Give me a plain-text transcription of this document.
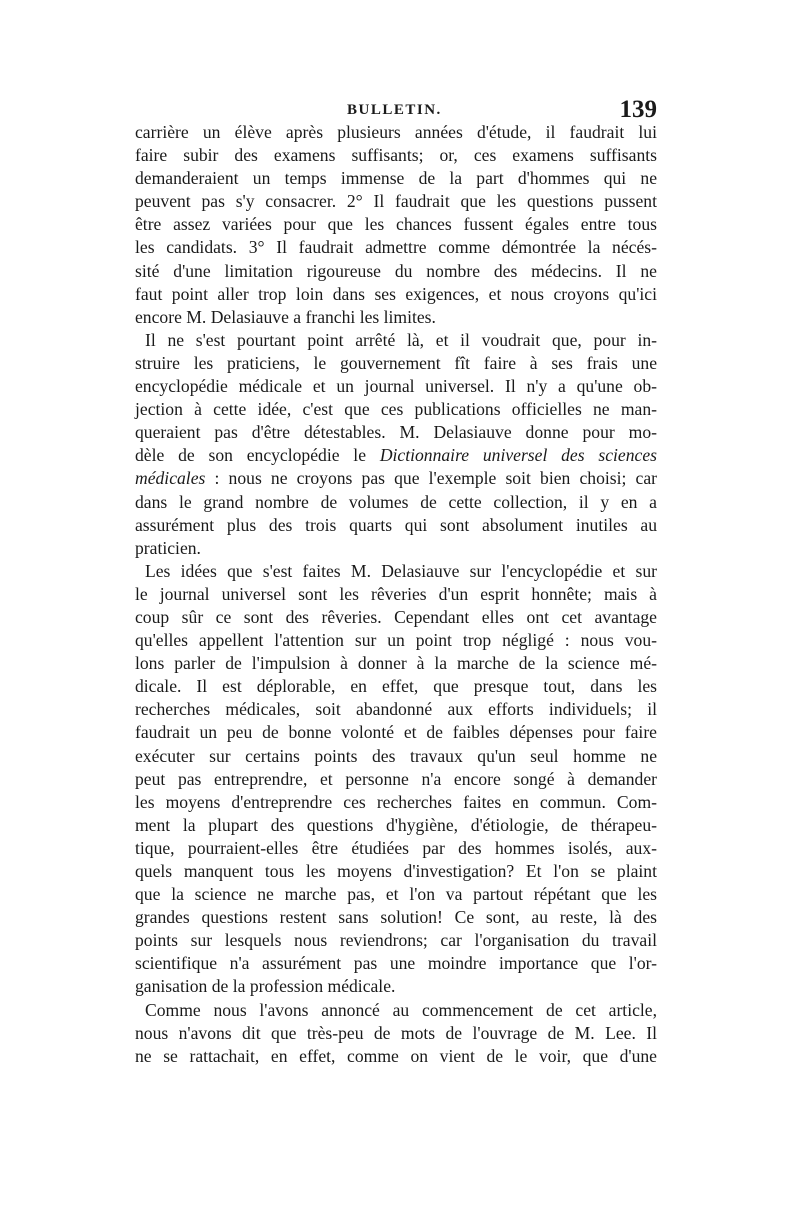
BULLETIN.	139
carrière un élève après plusieurs années d'étude, il faudrait lui
faire subir des examens suffisants; or, ces examens suffisants
demanderaient un temps immense de la part d'hommes qui ne
peuvent pas s'y consacrer. 2° Il faudrait que les questions pussent
être assez variées pour que les chances fussent égales entre tous
les candidats. 3° Il faudrait admettre comme démontrée la nécés-
sité d'une limitation rigoureuse du nombre des médecins. Il ne
faut point aller trop loin dans ses exigences, et nous croyons qu'ici
encore M. Delasiauve a franchi les limites.
Il ne s'est pourtant point arrêté là, et il voudrait que, pour in-
struire les praticiens, le gouvernement fît faire à ses frais une
encyclopédie médicale et un journal universel. Il n'y a qu'une ob-
jection à cette idée, c'est que ces publications officielles ne man-
queraient pas d'être détestables. M. Delasiauve donne pour mo-
dèle de son encyclopédie le Dictionnaire universel des sciences
médicales : nous ne croyons pas que l'exemple soit bien choisi; car
dans le grand nombre de volumes de cette collection, il y en a
assurément plus des trois quarts qui sont absolument inutiles au
praticien.
Les idées que s'est faites M. Delasiauve sur l'encyclopédie et sur
le journal universel sont les rêveries d'un esprit honnête; mais à
coup sûr ce sont des rêveries. Cependant elles ont cet avantage
qu'elles appellent l'attention sur un point trop négligé : nous vou-
lons parler de l'impulsion à donner à la marche de la science mé-
dicale. Il est déplorable, en effet, que presque tout, dans les
recherches médicales, soit abandonné aux efforts individuels; il
faudrait un peu de bonne volonté et de faibles dépenses pour faire
exécuter sur certains points des travaux qu'un seul homme ne
peut pas entreprendre, et personne n'a encore songé à demander
les moyens d'entreprendre ces recherches faites en commun. Com-
ment la plupart des questions d'hygiène, d'étiologie, de thérapeu-
tique, pourraient-elles être étudiées par des hommes isolés, aux-
quels manquent tous les moyens d'investigation? Et l'on se plaint
que la science ne marche pas, et l'on va partout répétant que les
grandes questions restent sans solution! Ce sont, au reste, là des
points sur lesquels nous reviendrons; car l'organisation du travail
scientifique n'a assurément pas une moindre importance que l'or-
ganisation de la profession médicale.
Comme nous l'avons annoncé au commencement de cet article,
nous n'avons dit que très-peu de mots de l'ouvrage de M. Lee. Il
ne se rattachait, en effet, comme on vient de le voir, que d'une
